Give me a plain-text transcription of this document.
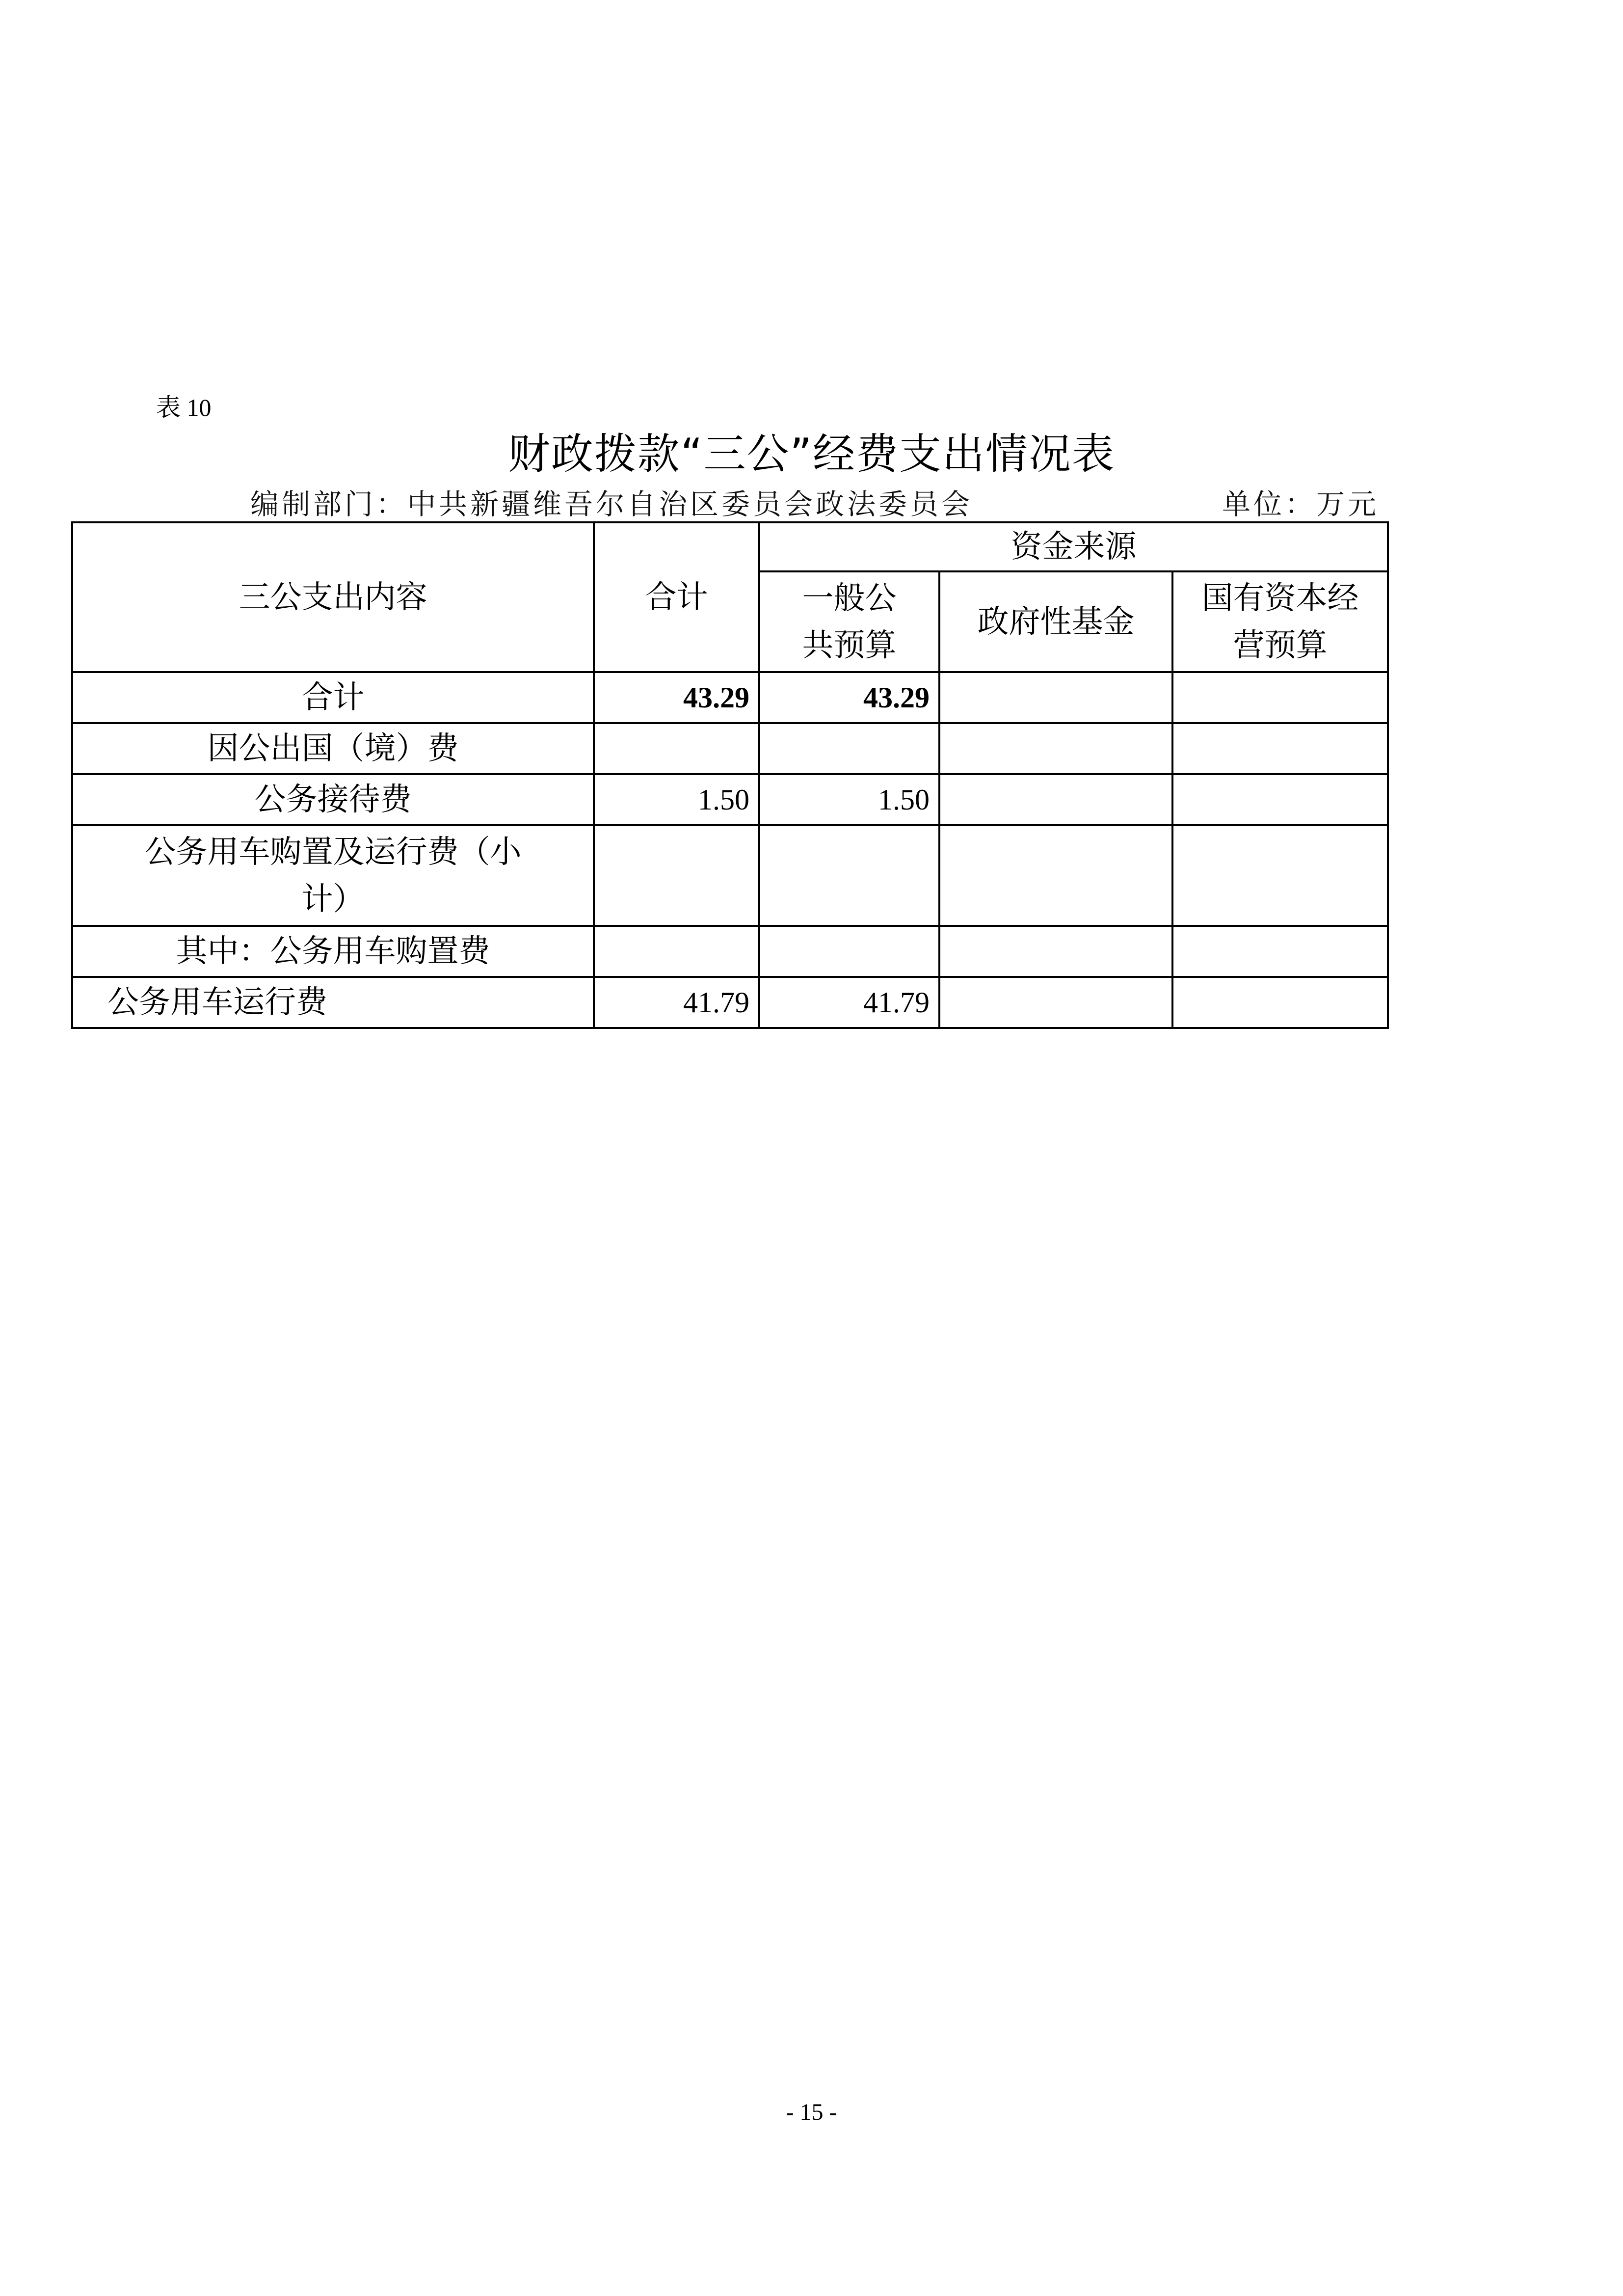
表 10
财政拨款“三公”经费支出情况表
编制部门：中共新疆维吾尔自治区委员会政法委员会	单位：万元
三公支出内容	合计	资金来源		
		一般公共预算	政府性基金	国有资本经营预算
合计	43.29	43.29		
因公出国（境）费				
公务接待费	1.50	1.50		
公务用车购置及运行费（小计）				
其中：公务用车购置费				
公务用车运行费	41.79	41.79		
- 15 -
